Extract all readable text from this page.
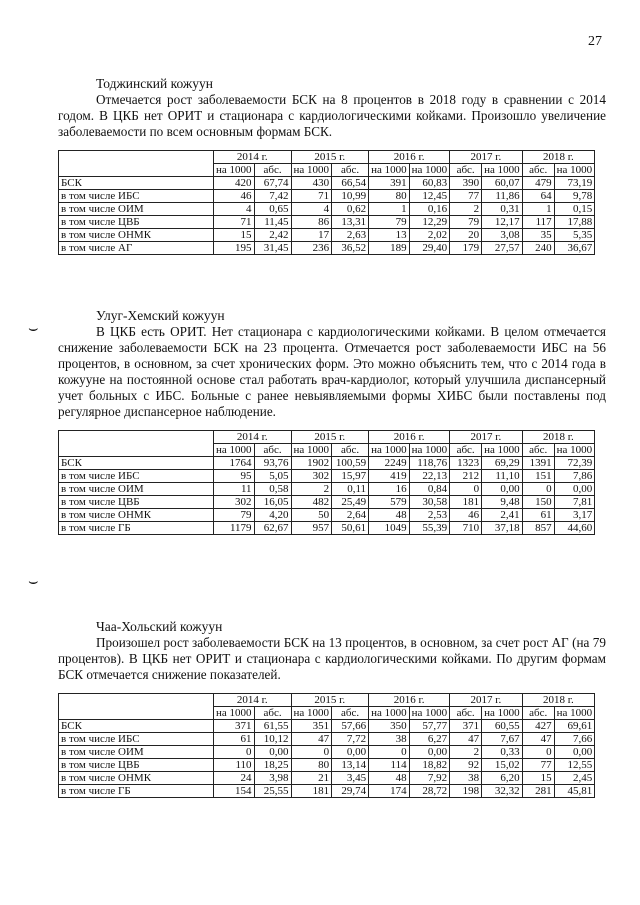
27
⌣
⌣
Тоджинский кожуун

Отмечается рост заболеваемости БСК на 8 процентов в 2018 году в сравнении с 2014 годом. В ЦКБ нет ОРИТ и стационара с кардиологическими койками. Произошло увеличение заболеваемости по всем основным формам БСК.

	2014 г.		2015 г.		2016 г.		2017 г.		2018 г.	
	на 1000	абс.	на 1000	абс.	на 1000	на 1000	абс.	на 1000	абс.	на 1000
БСК	420	67,74	430	66,54	391	60,83	390	60,07	479	73,19
в том числе ИБС	46	7,42	71	10,99	80	12,45	77	11,86	64	9,78
в том числе ОИМ	4	0,65	4	0,62	1	0,16	2	0,31	1	0,15
в том числе ЦВБ	71	11,45	86	13,31	79	12,29	79	12,17	117	17,88
в том числе ОНМК	15	2,42	17	2,63	13	2,02	20	3,08	35	5,35
в том числе АГ	195	31,45	236	36,52	189	29,40	179	27,57	240	36,67
Улуг-Хемский кожуун

В ЦКБ есть ОРИТ. Нет стационара с кардиологическими койками. В целом отмечается снижение заболеваемости БСК на 23 процента. Отмечается рост заболеваемости ИБС на 56 процентов, в основном, за счет хронических форм. Это можно объяснить тем, что с 2014 года в кожууне на постоянной основе стал работать врач-кардиолог, который улучшила диспансерный учет больных с ИБС. Больные с ранее невыявляемыми формы ХИБС были поставлены под регулярное диспансерное наблюдение.

	2014 г.		2015 г.		2016 г.		2017 г.		2018 г.	
	на 1000	абс.	на 1000	абс.	на 1000	на 1000	абс.	на 1000	абс.	на 1000
БСК	1764	93,76	1902	100,59	2249	118,76	1323	69,29	1391	72,39
в том числе ИБС	95	5,05	302	15,97	419	22,13	212	11,10	151	7,86
в том числе ОИМ	11	0,58	2	0,11	16	0,84	0	0,00	0	0,00
в том числе ЦВБ	302	16,05	482	25,49	579	30,58	181	9,48	150	7,81
в том числе ОНМК	79	4,20	50	2,64	48	2,53	46	2,41	61	3,17
в том числе ГБ	1179	62,67	957	50,61	1049	55,39	710	37,18	857	44,60
Чаа-Хольский кожуун

Произошел рост заболеваемости БСК на 13 процентов, в основном, за счет рост АГ (на 79 процентов). В ЦКБ нет ОРИТ и стационара с кардиологическими койками. По другим формам БСК отмечается снижение показателей.

	2014 г.		2015 г.		2016 г.		2017 г.		2018 г.	
	на 1000	абс.	на 1000	абс.	на 1000	на 1000	абс.	на 1000	абс.	на 1000
БСК	371	61,55	351	57,66	350	57,77	371	60,55	427	69,61
в том числе ИБС	61	10,12	47	7,72	38	6,27	47	7,67	47	7,66
в том числе ОИМ	0	0,00	0	0,00	0	0,00	2	0,33	0	0,00
в том числе ЦВБ	110	18,25	80	13,14	114	18,82	92	15,02	77	12,55
в том числе ОНМК	24	3,98	21	3,45	48	7,92	38	6,20	15	2,45
в том числе ГБ	154	25,55	181	29,74	174	28,72	198	32,32	281	45,81
